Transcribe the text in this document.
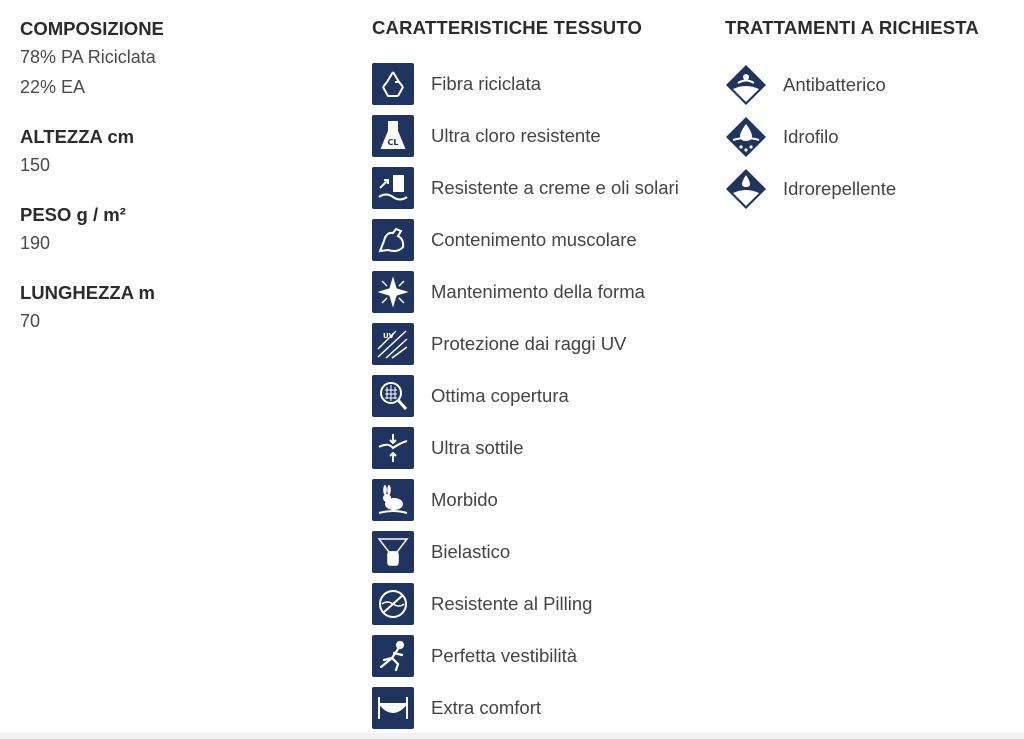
COMPOSIZIONE

78% PA Riciclata

22% EA

ALTEZZA cm

150

PESO g / m²

190

LUNGHEZZA m

70

CARATTERISTICHE TESSUTO
Fibra riciclata
CL Ultra cloro resistente
Resistente a creme e oli solari
Contenimento muscolare
Mantenimento della forma
UV Protezione dai raggi UV
Ottima copertura
Ultra sottile
Morbido
Bielastico
Resistente al Pilling
Perfetta vestibilità
Extra comfort
TRATTAMENTI A RICHIESTA
Antibatterico
Idrofilo
Idrorepellente
